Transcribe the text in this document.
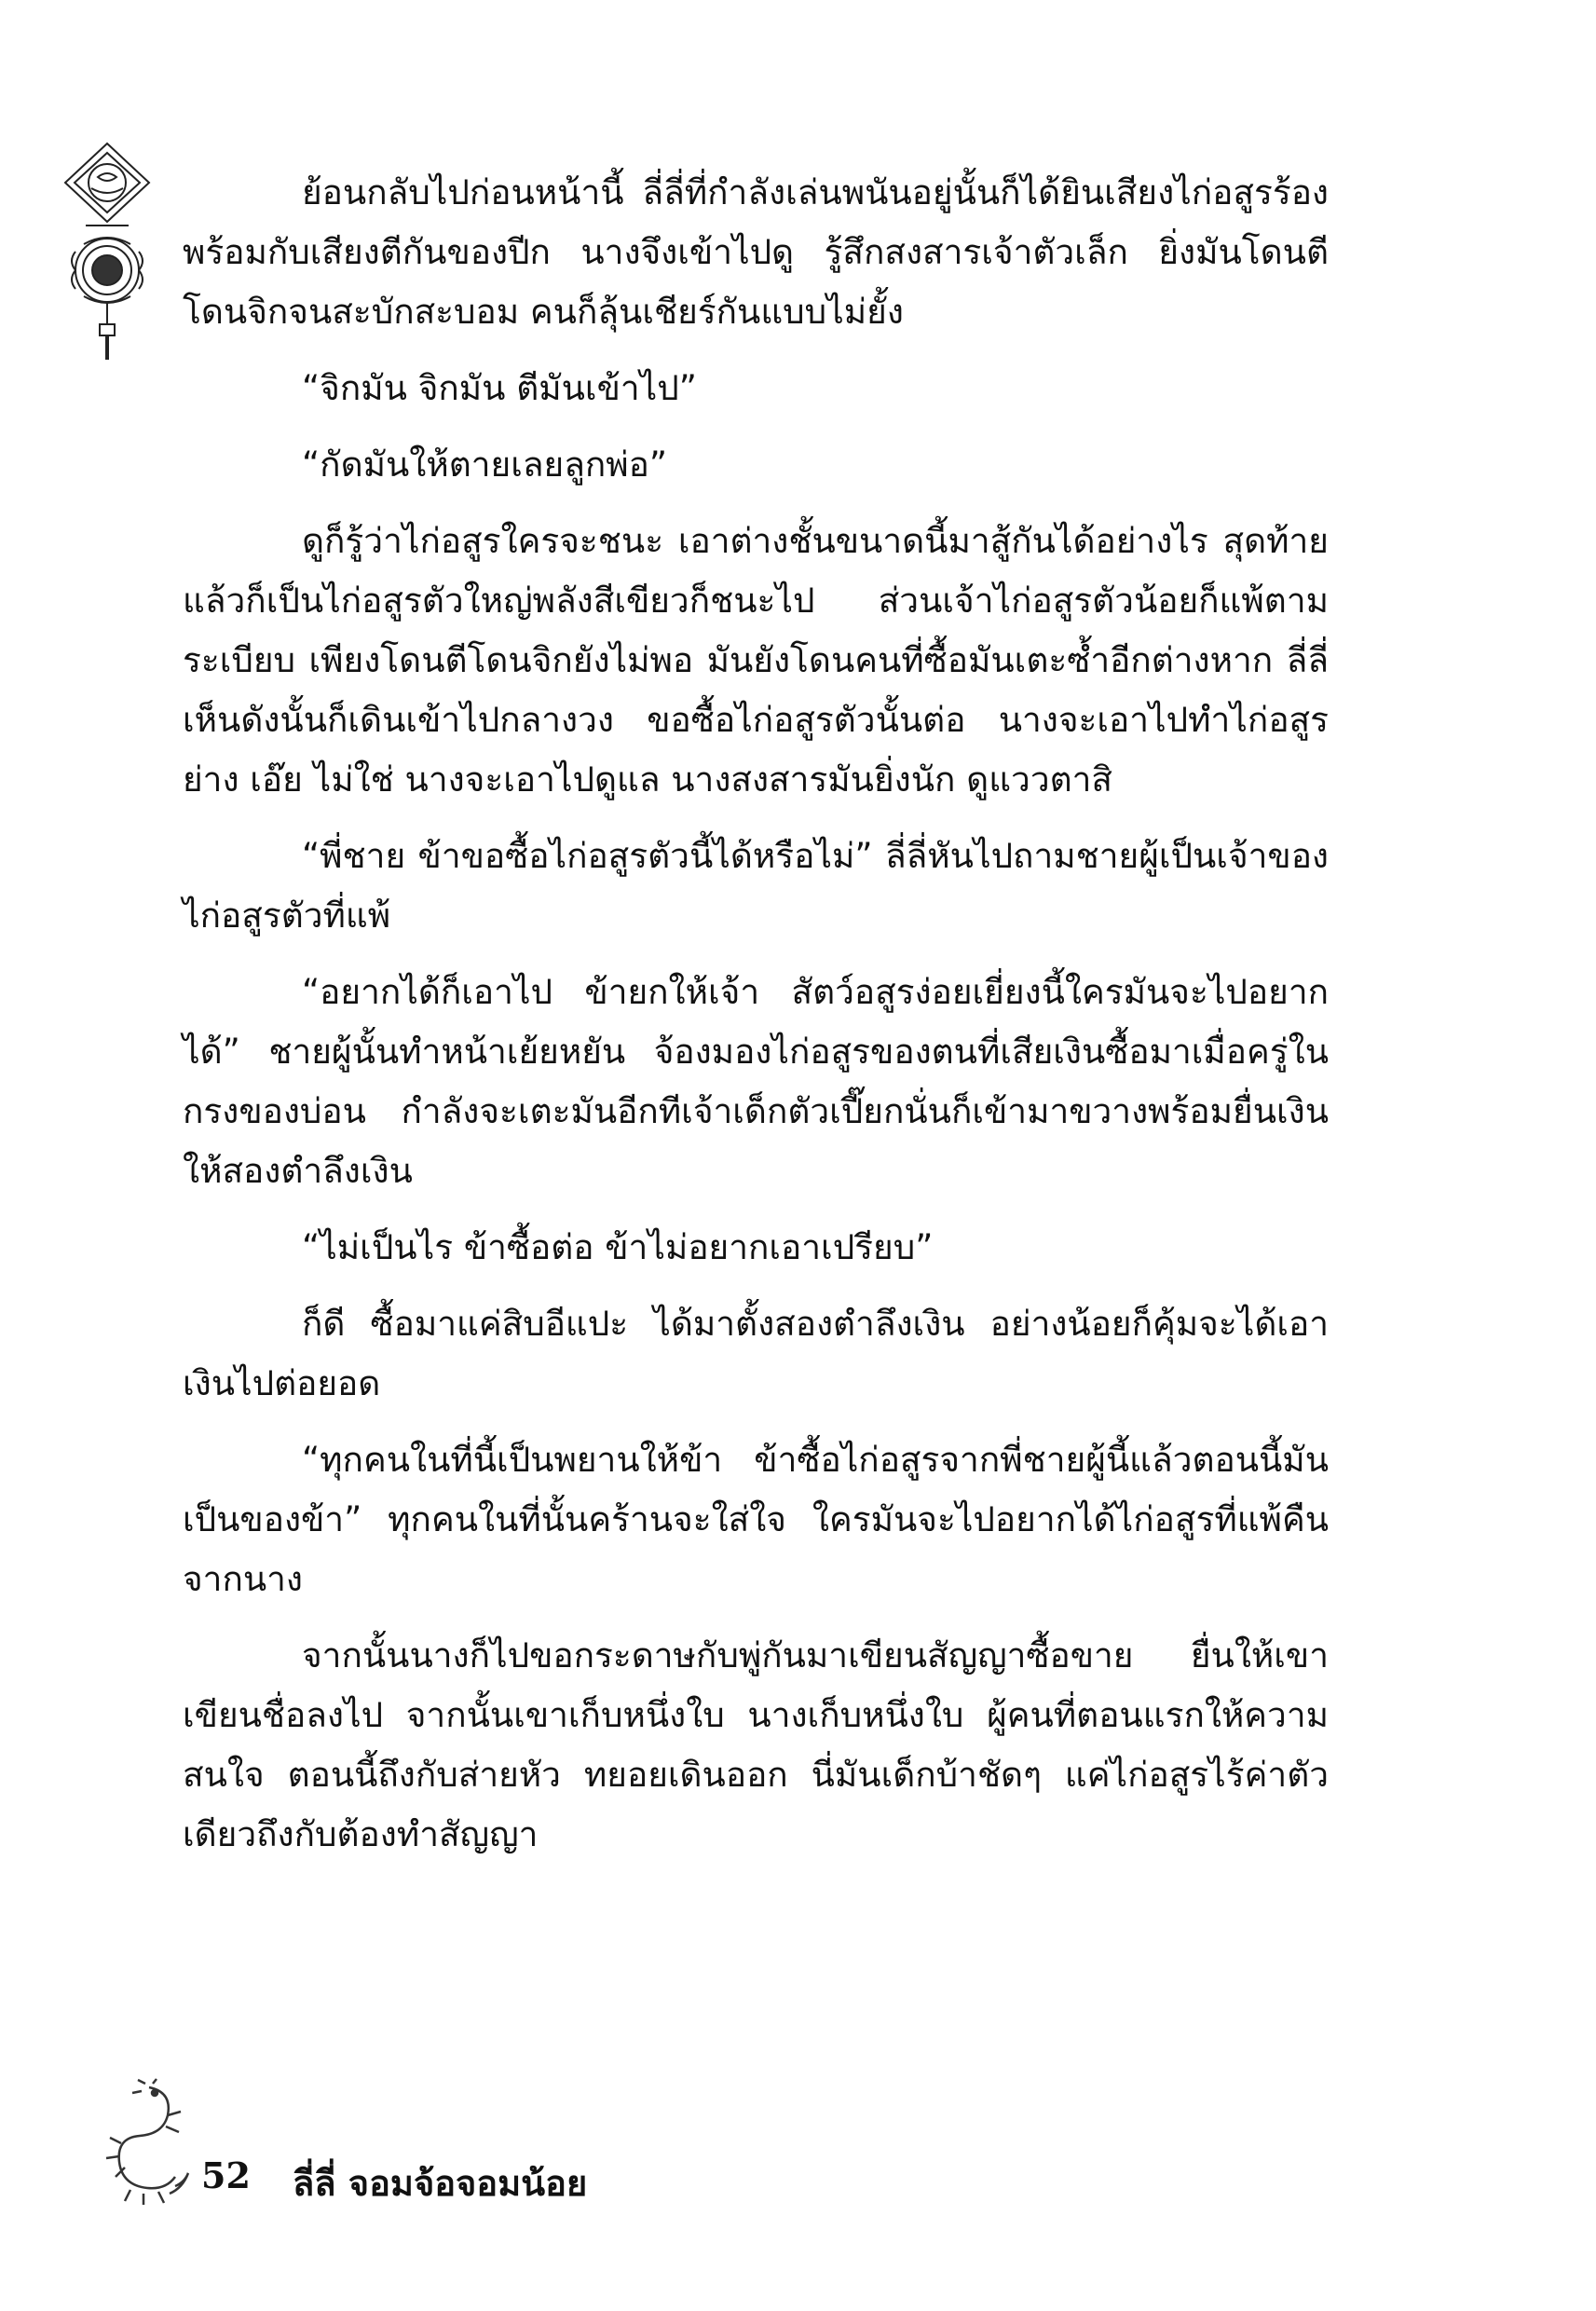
ย้อนกลับไปก่อนหน้านี้ ลี่ลี่ที่กำลังเล่นพนันอยู่นั้นก็ได้ยินเสียงไก่อสูรร้องพร้อมกับเสียงตีกันของปีก นางจึงเข้าไปดู รู้สึกสงสารเจ้าตัวเล็ก ยิ่งมันโดนตีโดนจิกจนสะบักสะบอม คนก็ลุ้นเชียร์กันแบบไม่ยั้ง

“จิกมัน จิกมัน ตีมันเข้าไป”

“กัดมันให้ตายเลยลูกพ่อ”

ดูก็รู้ว่าไก่อสูรใครจะชนะ เอาต่างชั้นขนาดนี้มาสู้กันได้อย่างไร สุดท้ายแล้วก็เป็นไก่อสูรตัวใหญ่พลังสีเขียวก็ชนะไป ส่วนเจ้าไก่อสูรตัวน้อยก็แพ้ตามระเบียบ เพียงโดนตีโดนจิกยังไม่พอ มันยังโดนคนที่ซื้อมันเตะซ้ำอีกต่างหาก ลี่ลี่เห็นดังนั้นก็เดินเข้าไปกลางวง ขอซื้อไก่อสูรตัวนั้นต่อ นางจะเอาไปทำไก่อสูรย่าง เอ๊ย ไม่ใช่ นางจะเอาไปดูแล นางสงสารมันยิ่งนัก ดูแววตาสิ

“พี่ชาย ข้าขอซื้อไก่อสูรตัวนี้ได้หรือไม่” ลี่ลี่หันไปถามชายผู้เป็นเจ้าของไก่อสูรตัวที่แพ้

“อยากได้ก็เอาไป ข้ายกให้เจ้า สัตว์อสูรง่อยเยี่ยงนี้ใครมันจะไปอยากได้” ชายผู้นั้นทำหน้าเย้ยหยัน จ้องมองไก่อสูรของตนที่เสียเงินซื้อมาเมื่อครู่ในกรงของบ่อน กำลังจะเตะมันอีกทีเจ้าเด็กตัวเปี๊ยกนั่นก็เข้ามาขวางพร้อมยื่นเงินให้สองตำลึงเงิน

“ไม่เป็นไร ข้าซื้อต่อ ข้าไม่อยากเอาเปรียบ”

ก็ดี ซื้อมาแค่สิบอีแปะ ได้มาตั้งสองตำลึงเงิน อย่างน้อยก็คุ้มจะได้เอาเงินไปต่อยอด

“ทุกคนในที่นี้เป็นพยานให้ข้า ข้าซื้อไก่อสูรจากพี่ชายผู้นี้แล้วตอนนี้มันเป็นของข้า” ทุกคนในที่นั้นคร้านจะใส่ใจ ใครมันจะไปอยากได้ไก่อสูรที่แพ้คืนจากนาง

จากนั้นนางก็ไปขอกระดาษกับพู่กันมาเขียนสัญญาซื้อขาย ยื่นให้เขาเขียนชื่อลงไป จากนั้นเขาเก็บหนึ่งใบ นางเก็บหนึ่งใบ ผู้คนที่ตอนแรกให้ความสนใจ ตอนนี้ถึงกับส่ายหัว ทยอยเดินออก นี่มันเด็กบ้าชัดๆ แค่ไก่อสูรไร้ค่าตัวเดียวถึงกับต้องทำสัญญา

52 ลี่ลี่ จอมจ้อจอมน้อย
